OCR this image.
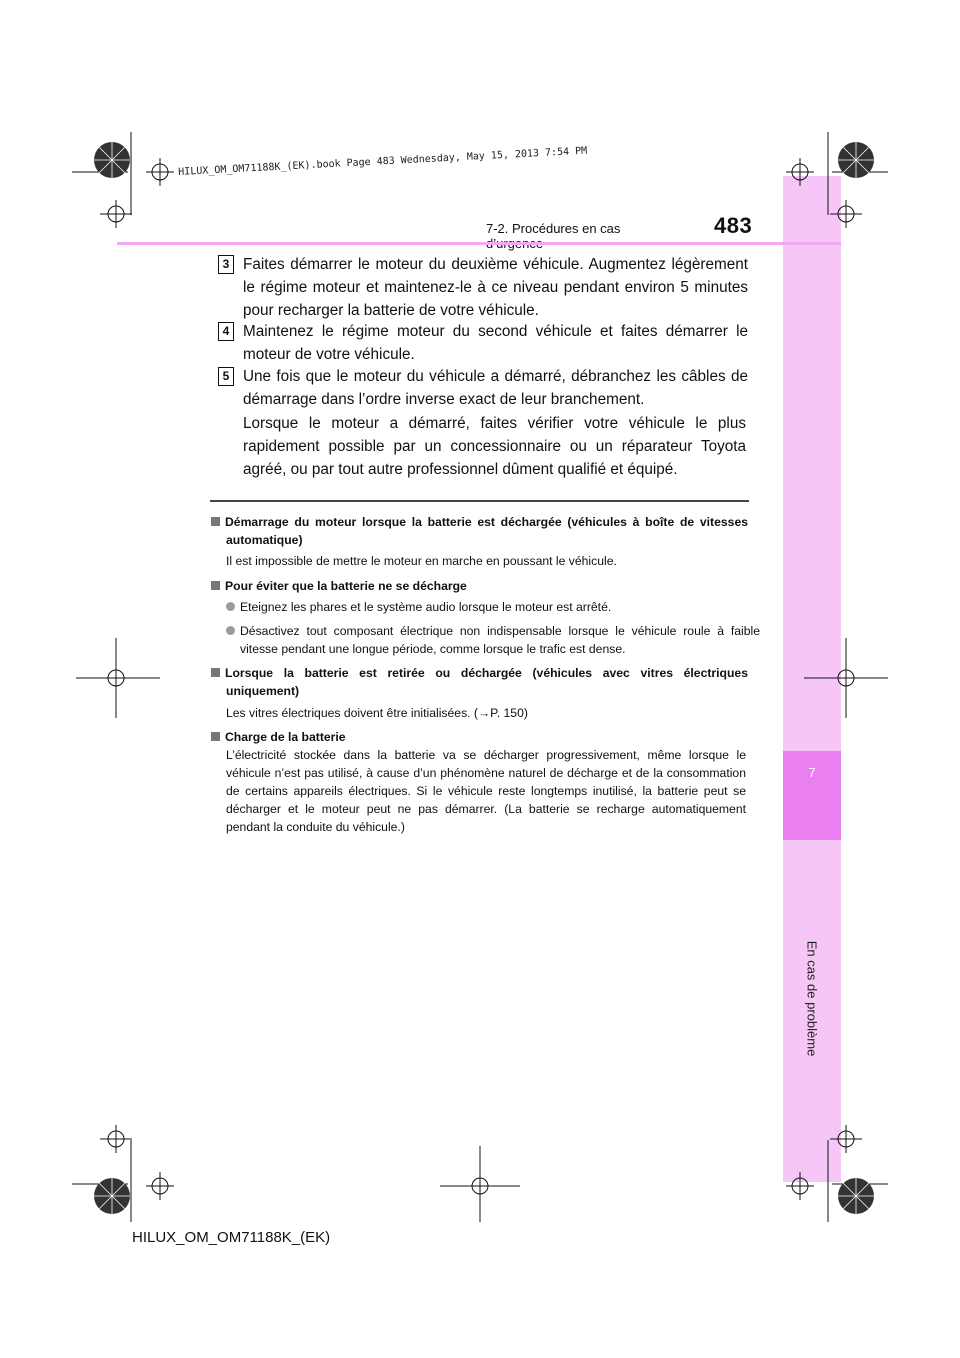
7
En cas de problème
HILUX_OM_OM71188K_(EK).book Page 483 Wednesday, May 15, 2013 7:54 PM
7-2. Procédures en cas	483
3 Faites démarrer le moteur du deuxième véhicule. Augmentez légèrement le régime moteur et maintenez-le à ce niveau pendant environ 5 minutes pour recharger la batterie de votre véhicule.
4 Maintenez le régime moteur du second véhicule et faites démarrer le moteur de votre véhicule.
5 Une fois que le moteur du véhicule a démarré, débranchez les câbles de démarrage dans l’ordre inverse exact de leur branchement.
Lorsque le moteur a démarré, faites vérifier votre véhicule le plus rapidement possible par un concessionnaire ou un réparateur Toyota agréé, ou par tout autre professionnel dûment qualifié et équipé.
Démarrage du moteur lorsque la batterie est déchargée (véhicules à boîte de vitesses automatique)
Il est impossible de mettre le moteur en marche en poussant le véhicule.
Pour éviter que la batterie ne se décharge
Eteignez les phares et le système audio lorsque le moteur est arrêté.
Désactivez tout composant électrique non indispensable lorsque le véhicule roule à faible vitesse pendant une longue période, comme lorsque le trafic est dense.
Lorsque la batterie est retirée ou déchargée (véhicules avec vitres électriques uniquement)
Les vitres électriques doivent être initialisées. (→P. 150)
Charge de la batterie
L’électricité stockée dans la batterie va se décharger progressivement, même lorsque le véhicule n’est pas utilisé, à cause d’un phénomène naturel de décharge et de la consommation de certains appareils électriques. Si le véhicule reste longtemps inutilisé, la batterie peut se décharger et le moteur peut ne pas démarrer. (La batterie se recharge automatiquement pendant la conduite du véhicule.)
HILUX_OM_OM71188K_(EK)
